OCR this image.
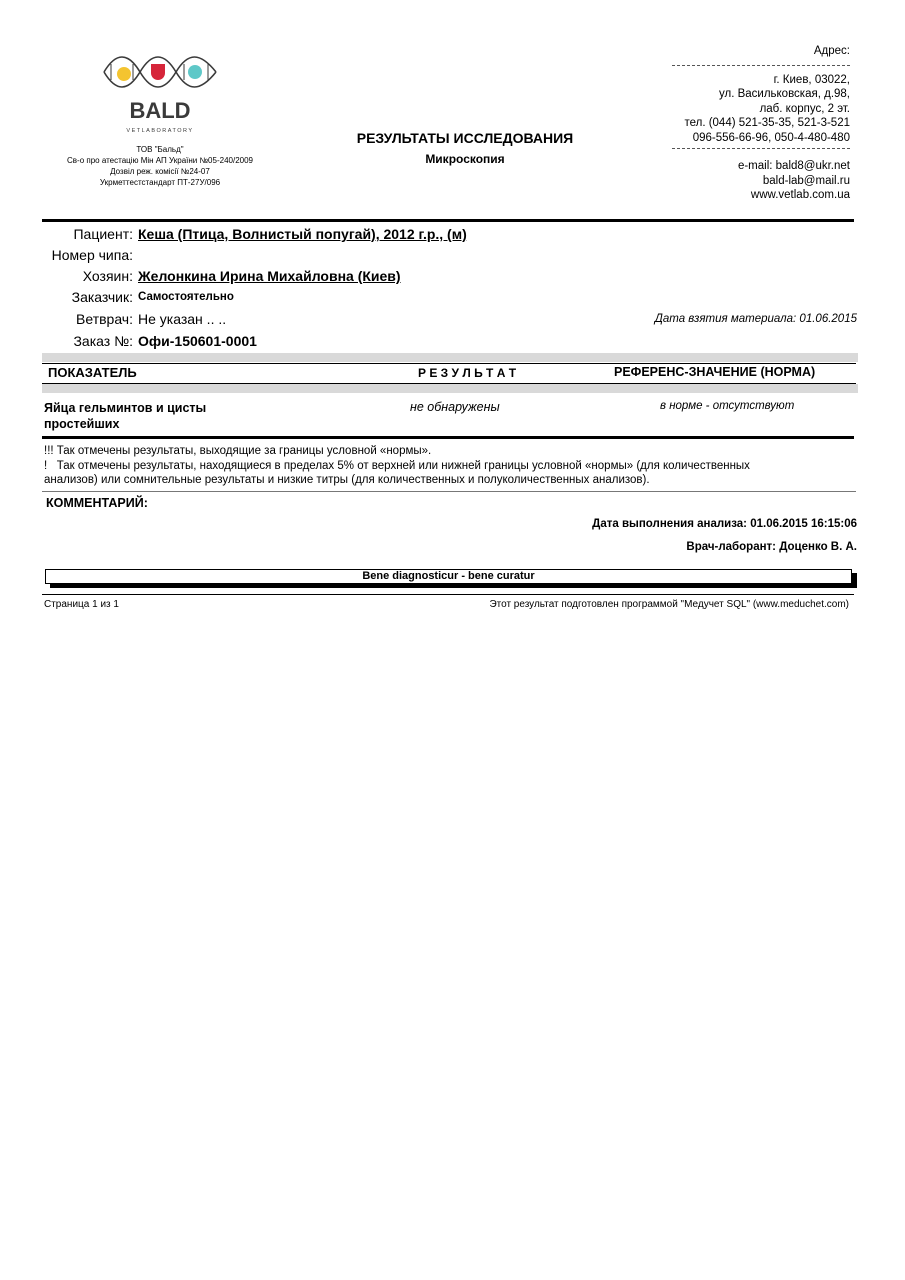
BALD
VETLABORATORY
ТОВ "Бальд"
Св-о про атестацію Мін АП України №05-240/2009
Дозвіл реж. комісії №24-07
Укрметтестстандарт ПТ-27У/096
РЕЗУЛЬТАТЫ ИССЛЕДОВАНИЯ
Микроскопия
Адрес:
г. Киев, 03022,
ул. Васильковская, д.98,
лаб. корпус, 2 эт.
тел. (044) 521-35-35, 521-3-521
096-556-66-96, 050-4-480-480
e-mail: bald8@ukr.net
bald-lab@mail.ru
www.vetlab.com.ua
Пациент: Кеша (Птица, Волнистый попугай), 2012 г.р., (м)
Номер чипа:
Хозяин: Желонкина Ирина Михайловна (Киев)
Заказчик: Самостоятельно
Ветврач: Не указан .. ..	Дата взятия материала: 01.06.2015
Заказ №: Офи-150601-0001
ПОКАЗАТЕЛЬ	Р Е З У Л Ь Т А Т	РЕФЕРЕНС-ЗНАЧЕНИЕ (НОРМА)
Яйца гельминтов и цисты
простейших
не обнаружены	в норме - отсутствуют
!!! Так отмечены результаты, выходящие за границы условной «нормы».
!   Так отмечены результаты, находящиеся в пределах 5% от верхней или нижней границы условной «нормы» (для количественных
анализов) или сомнительные результаты и низкие титры (для количественных и полуколичественных анализов).
КОММЕНТАРИЙ:
Дата выполнения анализа: 01.06.2015 16:15:06
Врач-лаборант: Доценко В. А.
Bene diagnosticur - bene curatur
Страница 1 из 1	Этот результат подготовлен программой "Медучет SQL" (www.meduchet.com)
